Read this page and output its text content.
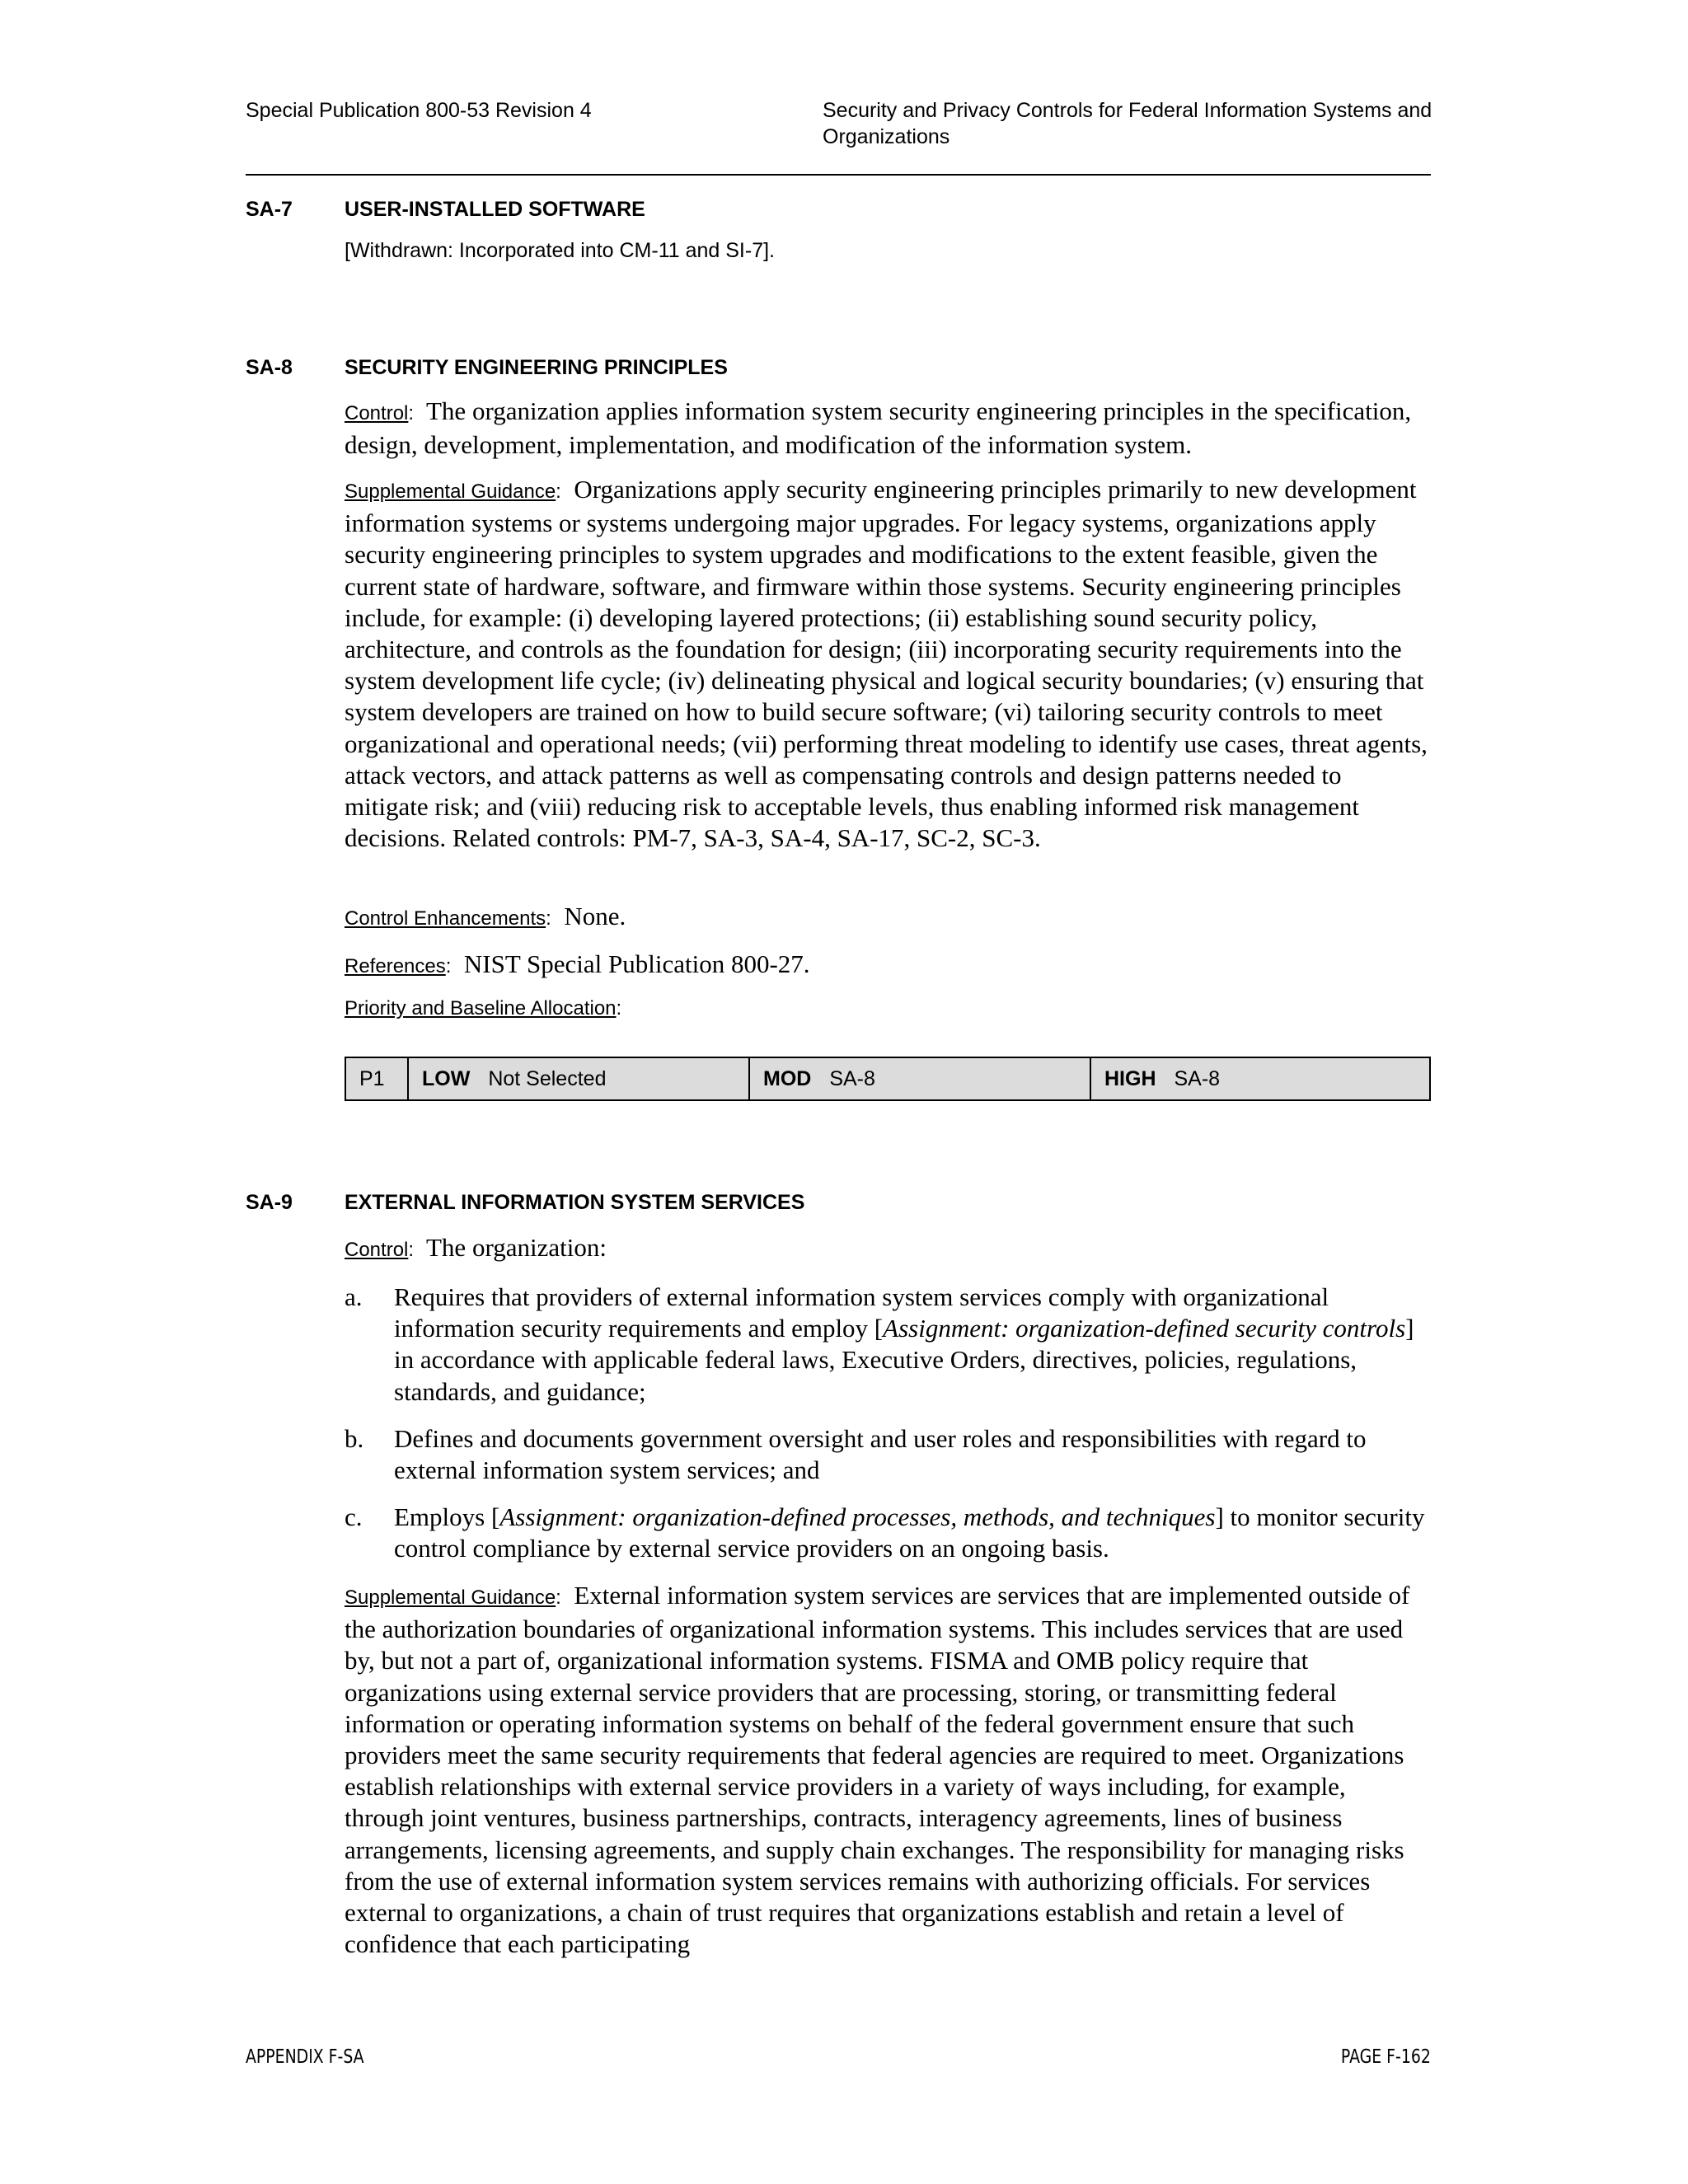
Special Publication 800-53 Revision 4	Security and Privacy Controls for Federal Information Systems and Organizations
SA-7	USER-INSTALLED SOFTWARE
[Withdrawn: Incorporated into CM-11 and SI-7].
SA-8	SECURITY ENGINEERING PRINCIPLES

Control: The organization applies information system security engineering principles in the specification, design, development, implementation, and modification of the information system.

Supplemental Guidance: Organizations apply security engineering principles primarily to new development information systems or systems undergoing major upgrades. For legacy systems, organizations apply security engineering principles to system upgrades and modifications to the extent feasible, given the current state of hardware, software, and firmware within those systems. Security engineering principles include, for example: (i) developing layered protections; (ii) establishing sound security policy, architecture, and controls as the foundation for design; (iii) incorporating security requirements into the system development life cycle; (iv) delineating physical and logical security boundaries; (v) ensuring that system developers are trained on how to build secure software; (vi) tailoring security controls to meet organizational and operational needs; (vii) performing threat modeling to identify use cases, threat agents, attack vectors, and attack patterns as well as compensating controls and design patterns needed to mitigate risk; and (viii) reducing risk to acceptable levels, thus enabling informed risk management decisions. Related controls: PM-7, SA-3, SA-4, SA-17, SC-2, SC-3.

Control Enhancements: None.

References: NIST Special Publication 800-27.

Priority and Baseline Allocation:
P1	LOW Not Selected	MOD SA-8	HIGH SA-8
SA-9	EXTERNAL INFORMATION SYSTEM SERVICES

Control: The organization:

a. Requires that providers of external information system services comply with organizational information security requirements and employ [Assignment: organization-defined security controls] in accordance with applicable federal laws, Executive Orders, directives, policies, regulations, standards, and guidance;
b. Defines and documents government oversight and user roles and responsibilities with regard to external information system services; and
c. Employs [Assignment: organization-defined processes, methods, and techniques] to monitor security control compliance by external service providers on an ongoing basis.

Supplemental Guidance: External information system services are services that are implemented outside of the authorization boundaries of organizational information systems. This includes services that are used by, but not a part of, organizational information systems. FISMA and OMB policy require that organizations using external service providers that are processing, storing, or transmitting federal information or operating information systems on behalf of the federal government ensure that such providers meet the same security requirements that federal agencies are required to meet. Organizations establish relationships with external service providers in a variety of ways including, for example, through joint ventures, business partnerships, contracts, interagency agreements, lines of business arrangements, licensing agreements, and supply chain exchanges. The responsibility for managing risks from the use of external information system services remains with authorizing officials. For services external to organizations, a chain of trust requires that organizations establish and retain a level of confidence that each participating

APPENDIX F-SA	PAGE F-162
